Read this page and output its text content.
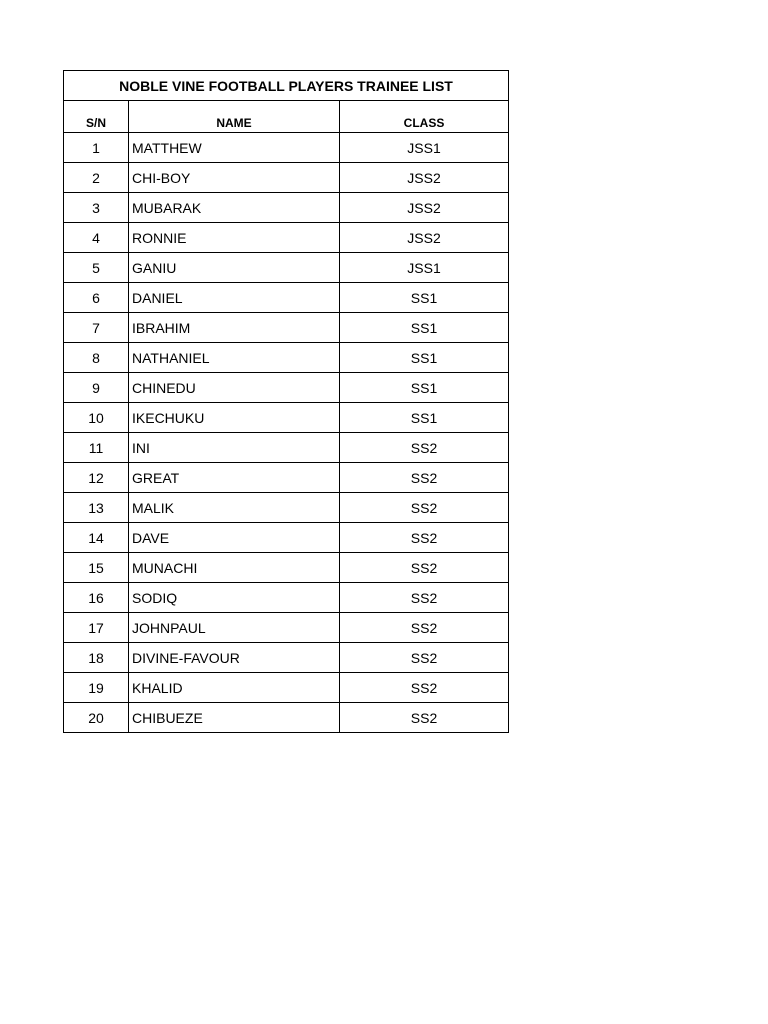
NOBLE VINE FOOTBALL PLAYERS TRAINEE LIST		
S/N	NAME	CLASS
1	MATTHEW	JSS1
2	CHI-BOY	JSS2
3	MUBARAK	JSS2
4	RONNIE	JSS2
5	GANIU	JSS1
6	DANIEL	SS1
7	IBRAHIM	SS1
8	NATHANIEL	SS1
9	CHINEDU	SS1
10	IKECHUKU	SS1
11	INI	SS2
12	GREAT	SS2
13	MALIK	SS2
14	DAVE	SS2
15	MUNACHI	SS2
16	SODIQ	SS2
17	JOHNPAUL	SS2
18	DIVINE-FAVOUR	SS2
19	KHALID	SS2
20	CHIBUEZE	SS2
